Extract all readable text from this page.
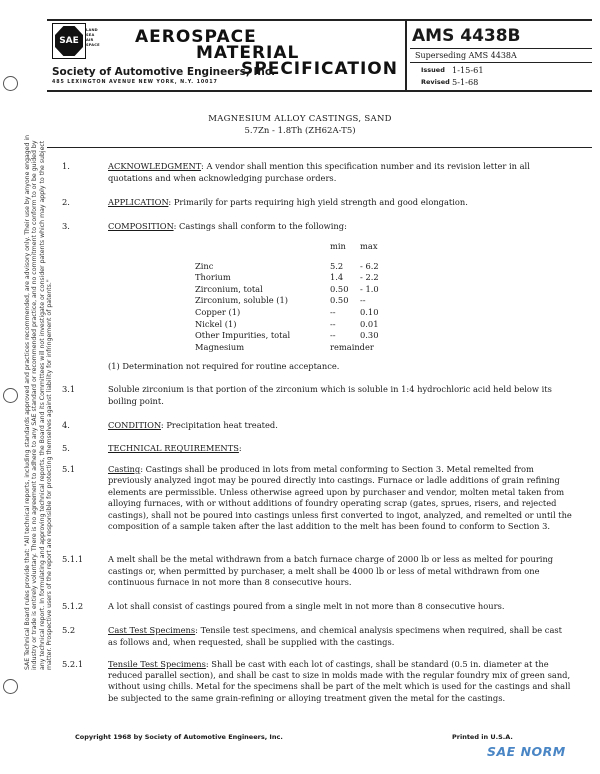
SAE Technical Board rules provide that: "All technical reports, including standards approved and practices recommended, are advisory only. Their use by anyone engaged in industry or trade is entirely voluntary. There is no agreement to adhere to any SAE standard or recommended practice, and no commitment to conform to or be guided by any technical report. In formulating and approving technical reports, the Board and its Committees will not investigate or consider patents which may apply to the subject matter. Prospective users of the report are responsible for protecting themselves against liability for infringement of patents."
SAE
LAND
SEA
AIR
SPACE AEROSPACE
MATERIAL
SPECIFICATION
Society of Automotive Engineers, Inc.
485 LEXINGTON AVENUE NEW YORK, N.Y. 10017
AMS 4438B
Superseding AMS 4438A
Issued 1-15-61
Revised 5-1-68
MAGNESIUM ALLOY CASTINGS, SAND
5.7Zn - 1.8Th (ZH62A-T5)
1.	ACKNOWLEDGMENT: A vendor shall mention this specification number and its revision letter in all quotations and when acknowledging purchase orders.
2.	APPLICATION: Primarily for parts requiring high yield strength and good elongation.
3.	COMPOSITION: Castings shall conform to the following:
min	max
Zinc	5.2	- 6.2
Thorium	1.4	- 2.2
Zirconium, total	0.50	- 1.0
Zirconium, soluble (1)	0.50	--
Copper (1)	--	0.10
Nickel (1)	--	0.01
Other Impurities, total	--	0.30
Magnesium	remainder
(1) Determination not required for routine acceptance.
3.1	Soluble zirconium is that portion of the zirconium which is soluble in 1:4 hydrochloric acid held below its boiling point.
4.	CONDITION: Precipitation heat treated.
5.	TECHNICAL REQUIREMENTS:
5.1	Casting: Castings shall be produced in lots from metal conforming to Section 3. Metal remelted from previously analyzed ingot may be poured directly into castings. Furnace or ladle additions of grain refining elements are permissible. Unless otherwise agreed upon by purchaser and vendor, molten metal taken from alloying furnaces, with or without additions of foundry operating scrap (gates, sprues, risers, and rejected castings), shall not be poured into castings unless first converted to ingot, analyzed, and remelted or until the composition of a sample taken after the last addition to the melt has been found to conform to Section 3.
5.1.1	A melt shall be the metal withdrawn from a batch furnace charge of 2000 lb or less as melted for pouring castings or, when permitted by purchaser, a melt shall be 4000 lb or less of metal withdrawn from one continuous furnace in not more than 8 consecutive hours.
5.1.2	A lot shall consist of castings poured from a single melt in not more than 8 consecutive hours.
5.2	Cast Test Specimens: Tensile test specimens, and chemical analysis specimens when required, shall be cast as follows and, when requested, shall be supplied with the castings.
5.2.1	Tensile Test Specimens: Shall be cast with each lot of castings, shall be standard (0.5 in. diameter at the reduced parallel section), and shall be cast to size in molds made with the regular foundry mix of green sand, without using chills. Metal for the specimens shall be part of the melt which is used for the castings and shall be subjected to the same grain-refining or alloying treatment given the metal for the castings.
Copyright 1968 by Society of Automotive Engineers, Inc.	Printed in U.S.A.
SAE NORM
